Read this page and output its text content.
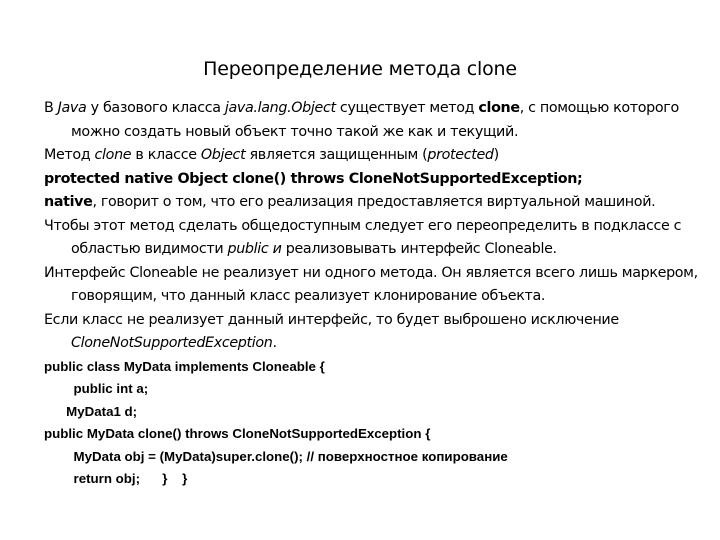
Переопределение метода clone

В Java у базового класса java.lang.Object существует метод clone, с помощью которого можно создать новый объект точно такой же как и текущий.

Метод clone в классе Object является защищенным (protected)

protected native Object clone() throws CloneNotSupportedException;

native, говорит о том, что его реализация предоставляется виртуальной машиной.

Чтобы этот метод сделать общедоступным следует его переопределить в подклассе с областью видимости public и реализовывать интерфейс Cloneable.

Интерфейс Cloneable не реализует ни одного метода. Он является всего лишь маркером, говорящим, что данный класс реализует клонирование объекта.

Если класс не реализует данный интерфейс, то будет выброшено исключение CloneNotSupportedException.

public class MyData implements Cloneable {
public int a;
MyData1 d;
public MyData clone() throws CloneNotSupportedException {
MyData obj = (MyData)super.clone(); // поверхностное копирование
return obj;      }    }
